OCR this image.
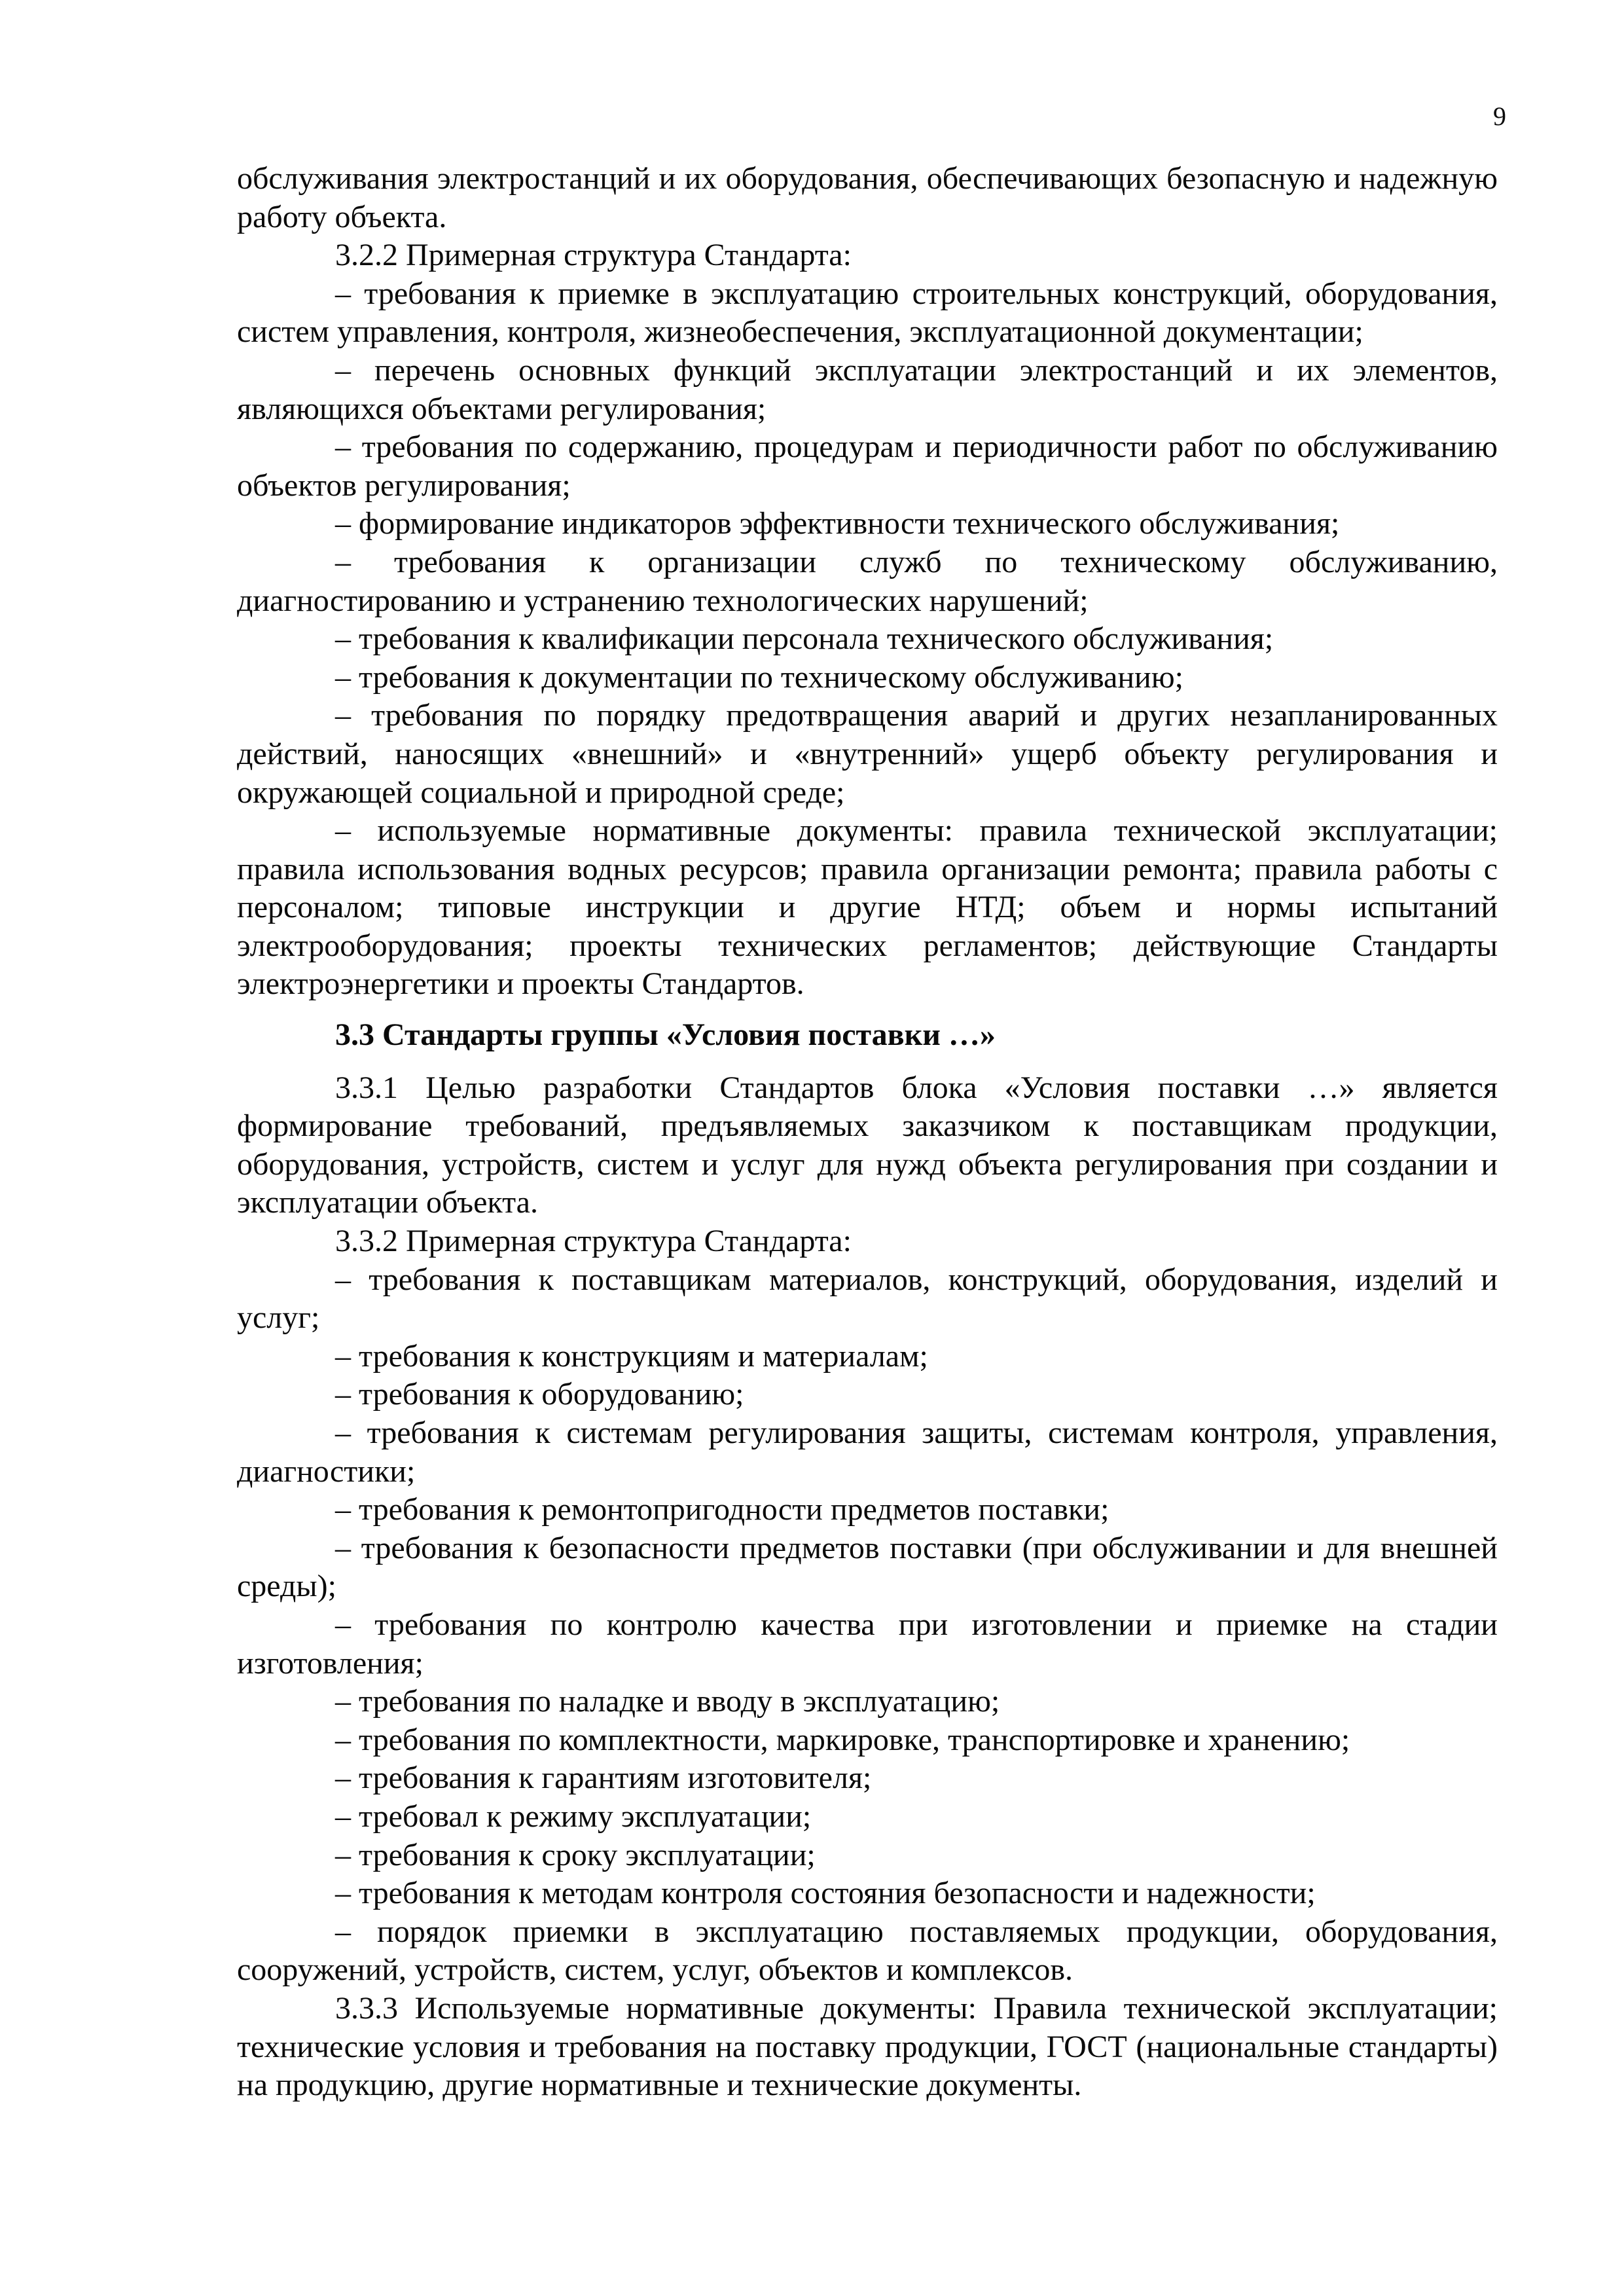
9

обслуживания электростанций и их оборудования, обеспечивающих безопасную и надежную работу объекта.

3.2.2 Примерная структура Стандарта:

– требования к приемке в эксплуатацию строительных конструкций, оборудования, систем управления, контроля, жизнеобеспечения, эксплуатационной документации;

– перечень основных функций эксплуатации электростанций и их элементов, являющихся объектами регулирования;

– требования по содержанию, процедурам и периодичности работ по обслуживанию объектов регулирования;

– формирование индикаторов эффективности технического обслуживания;

– требования к организации служб по техническому обслуживанию, диагностированию и устранению технологических нарушений;

– требования к квалификации персонала технического обслуживания;

– требования к документации по техническому обслуживанию;

– требования по порядку предотвращения аварий и других незапланированных действий, наносящих «внешний» и «внутренний» ущерб объекту регулирования и окружающей социальной и природной среде;

– используемые нормативные документы: правила технической эксплуатации; правила использования водных ресурсов; правила организации ремонта; правила работы с персоналом; типовые инструкции и другие НТД; объем и нормы испытаний электрооборудования; проекты технических регламентов; действующие Стандарты электроэнергетики и проекты Стандартов.

3.3 Стандарты группы «Условия поставки …»

3.3.1 Целью разработки Стандартов блока «Условия поставки …» является формирование требований, предъявляемых заказчиком к поставщикам продукции, оборудования, устройств, систем и услуг для нужд объекта регулирования при создании и эксплуатации объекта.

3.3.2 Примерная структура Стандарта:

– требования к поставщикам материалов, конструкций, оборудования, изделий и услуг;

– требования к конструкциям и материалам;

– требования к оборудованию;

– требования к системам регулирования защиты, системам контроля, управления, диагностики;

– требования к ремонтопригодности предметов поставки;

– требования к безопасности предметов поставки (при обслуживании и для внешней среды);

– требования по контролю качества при изготовлении и приемке на стадии изготовления;

– требования по наладке и вводу в эксплуатацию;

– требования по комплектности, маркировке, транспортировке и хранению;

– требования к гарантиям изготовителя;

– требовал к режиму эксплуатации;

– требования к сроку эксплуатации;

– требования к методам контроля состояния безопасности и надежности;

– порядок приемки в эксплуатацию поставляемых продукции, оборудования, сооружений, устройств, систем, услуг, объектов и комплексов.

3.3.3 Используемые нормативные документы: Правила технической эксплуатации; технические условия и требования на поставку продукции, ГОСТ (национальные стандарты) на продукцию, другие нормативные и технические документы.
